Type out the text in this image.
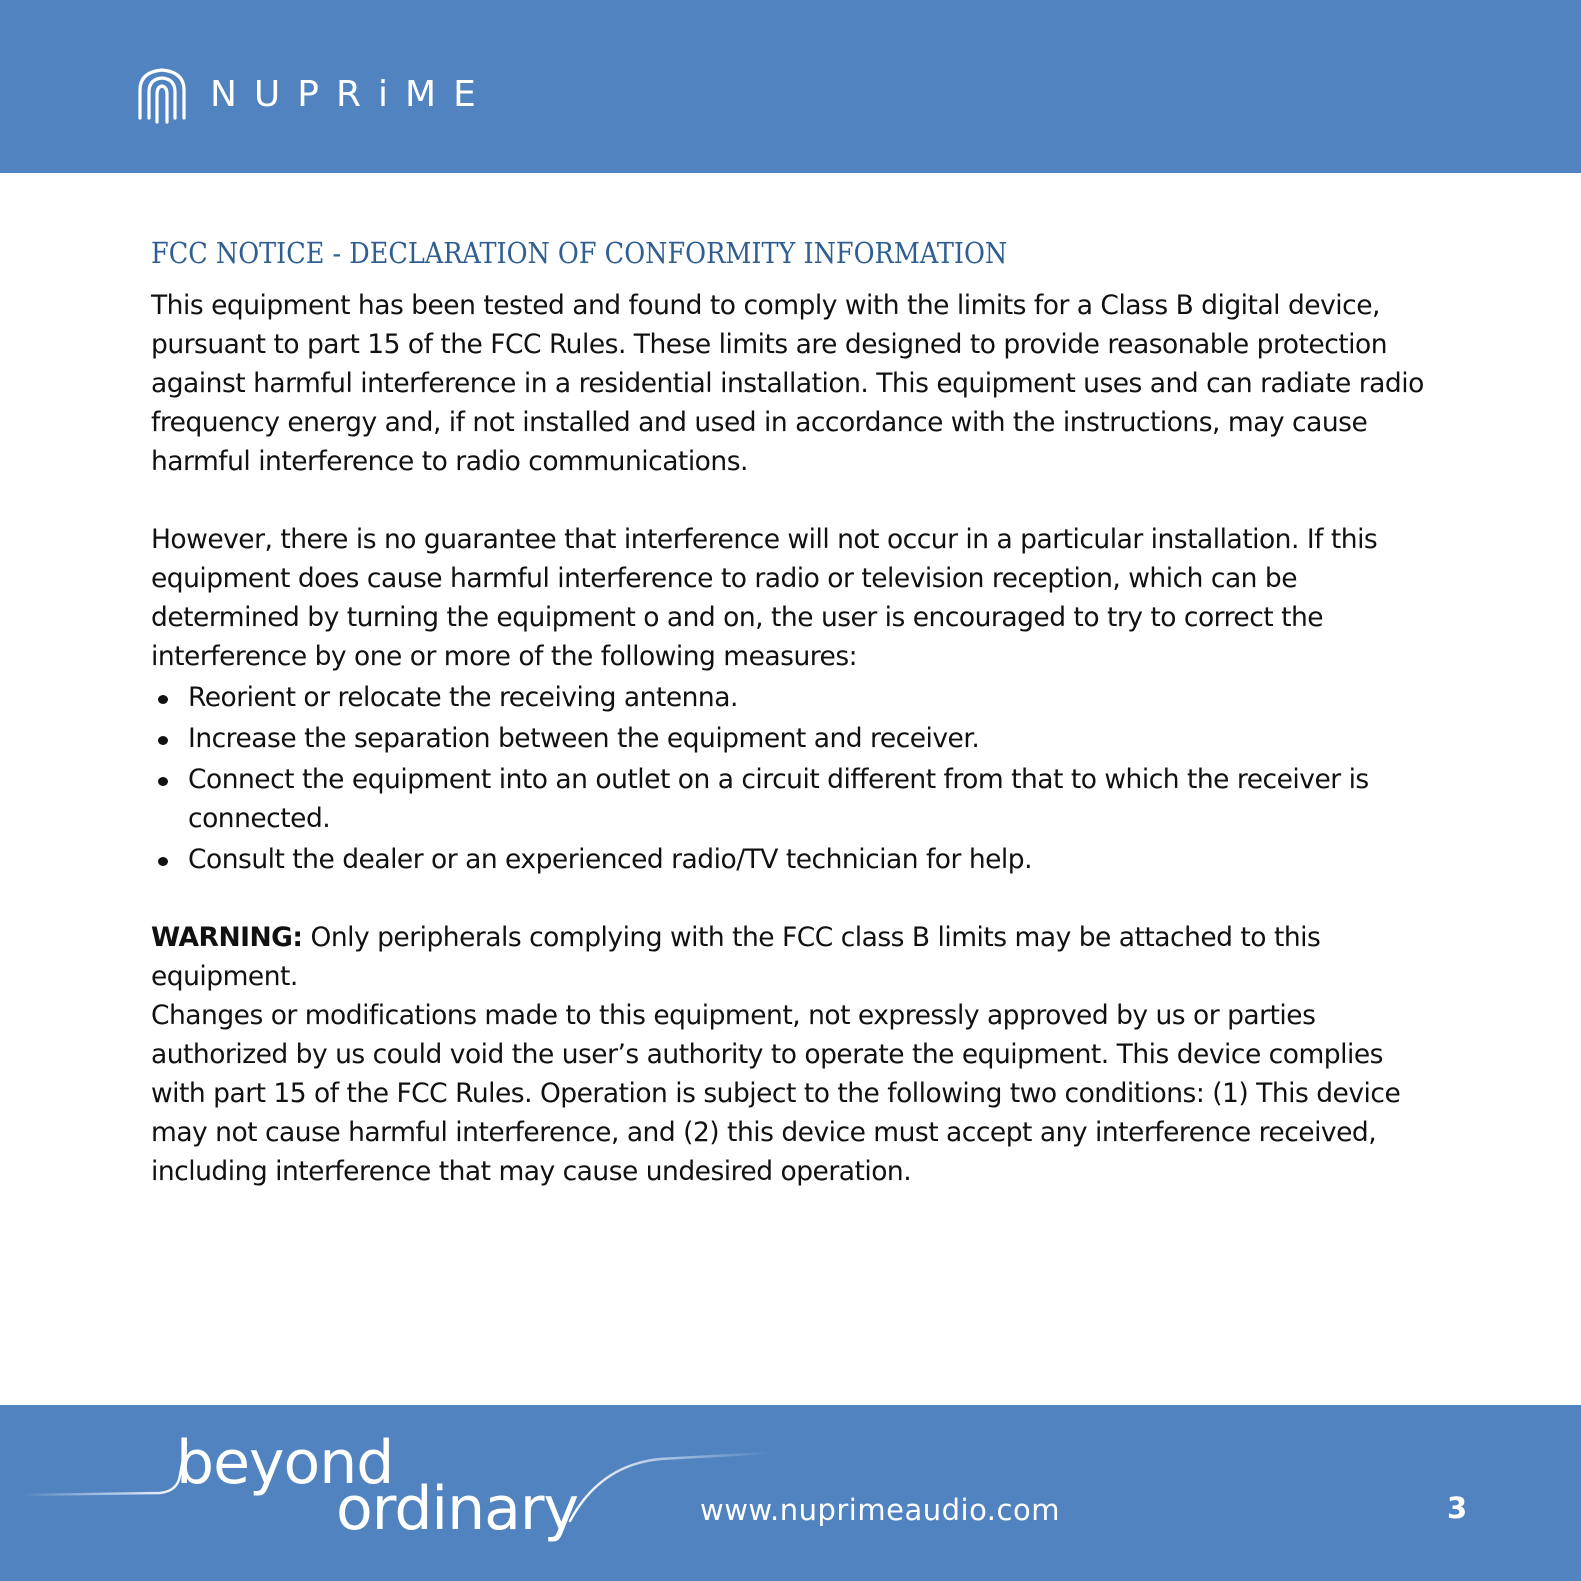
NUPRiME
FCC NOTICE - DECLARATION OF CONFORMITY INFORMATION

This equipment has been tested and found to comply with the limits for a Class B digital device, pursuant to part 15 of the FCC Rules. These limits are designed to provide reasonable protection against harmful interference in a residential installation. This equipment uses and can radiate radio frequency energy and, if not installed and used in accordance with the instructions, may cause harmful interference to radio communications.

However, there is no guarantee that interference will not occur in a particular installation. If this equipment does cause harmful interference to radio or television reception, which can be determined by turning the equipment o and on, the user is encouraged to try to correct the interference by one or more of the following measures:

Reorient or relocate the receiving antenna.
Increase the separation between the equipment and receiver.
Connect the equipment into an outlet on a circuit different from that to which the receiver is connected.
Consult the dealer or an experienced radio/TV technician for help.

WARNING: Only peripherals complying with the FCC class B limits may be attached to this equipment.

Changes or modifications made to this equipment, not expressly approved by us or parties authorized by us could void the user’s authority to operate the equipment. This device complies with part 15 of the FCC Rules. Operation is subject to the following two conditions: (1) This device may not cause harmful interference, and (2) this device must accept any interference received, including interference that may cause undesired operation.

beyond
ordinary	www.nuprimeaudio.com	3
